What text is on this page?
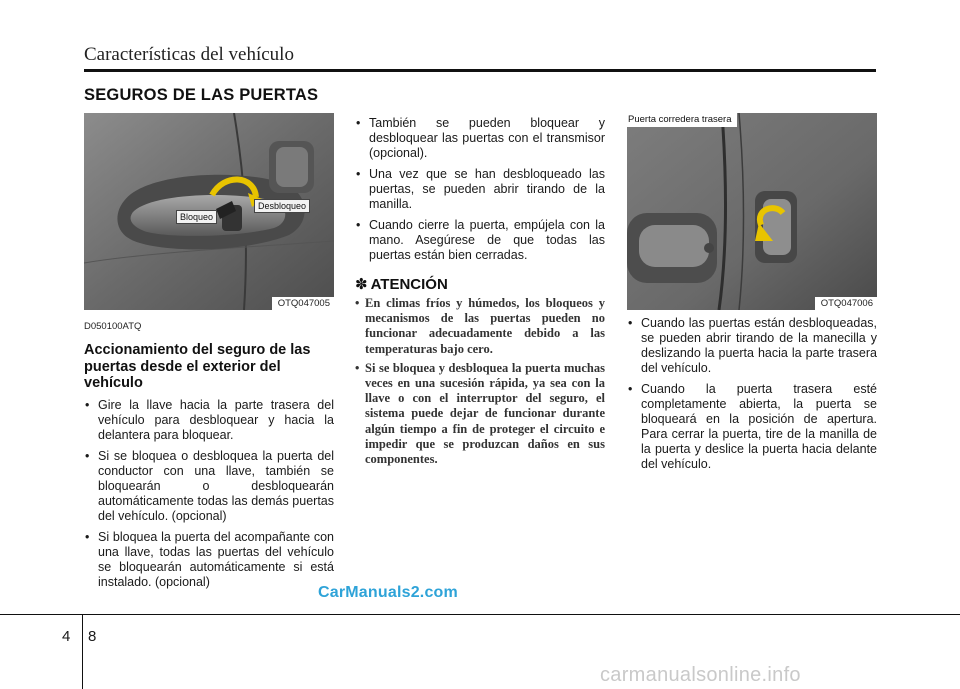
Características del vehículo
SEGUROS DE LAS PUERTAS
Bloqueo
Desbloqueo
OTQ047005
Puerta corredera trasera
OTQ047006
D050100ATQ
Accionamiento del seguro de las puertas desde el exterior del vehículo
• Gire la llave hacia la parte trasera del vehículo para desbloquear y hacia la delantera para bloquear.
• Si se bloquea o desbloquea la puerta del conductor con una llave, también se bloquearán o desbloquearán automáticamente todas las demás puertas del vehículo. (opcional)
• Si bloquea la puerta del acompañante con una llave, todas las puertas del vehículo se bloquearán automáticamente si está instalado. (opcional)
• También se pueden bloquear y desbloquear las puertas con el transmisor (opcional).
• Una vez que se han desbloqueado las puertas, se pueden abrir tirando de la manilla.
• Cuando cierre la puerta, empújela con la mano. Asegúrese de que todas las puertas están bien cerradas.
✽ ATENCIÓN
• En climas fríos y húmedos, los bloqueos y mecanismos de las puertas pueden no funcionar adecuadamente debido a las temperaturas bajo cero.
• Si se bloquea y desbloquea la puerta muchas veces en una sucesión rápida, ya sea con la llave o con el interruptor del seguro, el sistema puede dejar de funcionar durante algún tiempo a fin de proteger el circuito e impedir que se produzcan daños en sus componentes.
• Cuando las puertas están desbloqueadas, se pueden abrir tirando de la manecilla y deslizando la puerta hacia la parte trasera del vehículo.
• Cuando la puerta trasera esté completamente abierta, la puerta se bloqueará en la posición de apertura. Para cerrar la puerta, tire de la manilla de la puerta y deslice la puerta hacia delante del vehículo.
CarManuals2.com
4 8
carmanualsonline.info
